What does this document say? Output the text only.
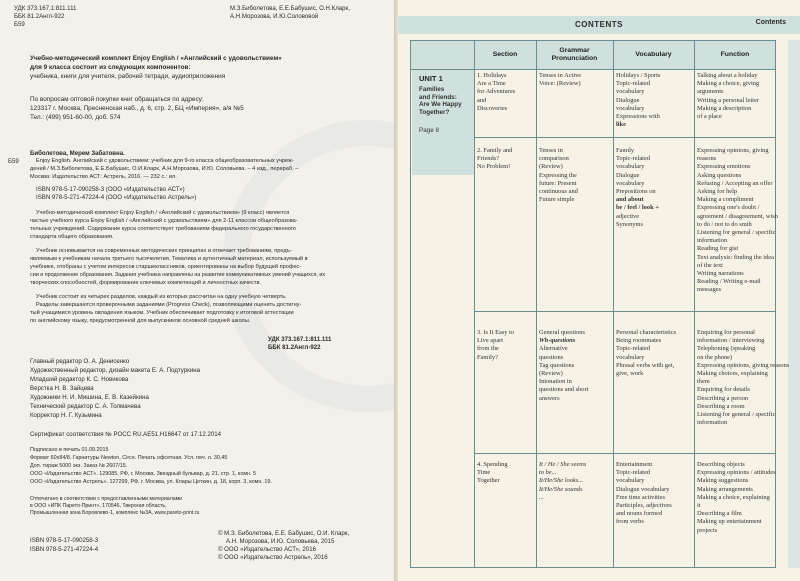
УДК 373.167.1:811.111
ББК 81.2Англ-922
Б59
М.З.Биболетова, Е.Е.Бабушис, О.Н.Кларк,
А.Н.Морозова, И.Ю.Солововой
Учебно-методический комплект Enjoy English / «Английский с удовольствием»
для 9 класса состоит из следующих компонентов:
учебника, книги для учителя, рабочей тетради, аудиоприложения
По вопросам оптовой покупки книг обращаться по адресу:
123317 г. Москва, Пресненская наб., д. 6, стр. 2, БЦ «Империя», а/я №5
Тел.: (499) 951-60-00, доб. 574
Б59
Биболетова, Мерем Забатовна.
Enjoy English. Английский с удовольствием: учебник для 9-го класса общеобразовательных учреж-
дений / М.З.Биболетова, Е.Е.Бабушис, О.И.Кларк, А.Н.Морозова, И.Ю. Соловьева. – 4 изд., перераб. –
Москва: Издательство АСТ: Астрель, 2016. — 232 с.: ил.
ISBN 978-5-17-090258-3 (ООО «Издательство АСТ»)
ISBN 978-5-271-47224-4 (ООО «Издательство Астрель»)
Учебно-методический комплект Enjoy English / «Английский с удовольствием» (9 класс) является
частью учебного курса Enjoy English / «Английский с удовольствием» для 2-11 классов общеобразова-
тельных учреждений. Содержание курса соответствует требованиям федерального государственного
стандарта общего образования.
Учебник основывается на современных методических принципах и отвечает требованиям, предъ-
являемым к учебникам начала третьего тысячелетия. Тематика и аутентичный материал, используемый в
учебнике, отобраны с учетом интересов старшеклассников, ориентированы на выбор будущей профес-
сии и продолжение образования. Задания учебника направлены на развитие коммуникативных умений учащихся, их
творческих способностей, формирование ключевых компетенций и личностных качеств.
Учебник состоит из четырех разделов, каждый из которых рассчитан на одну учебную четверть.
Разделы завершаются проверочными заданиями (Progress Check), позволяющими оценить достигну-
тый учащимися уровень овладения языком. Учебник обеспечивает подготовку к итоговой аттестации
по английскому языку, предусмотренной для выпускников основной средней школы.
УДК 373.167.1:811.111
ББК 81.2Англ-922
Главный редактор О. А. Денисенко
Художественный редактор, дизайн макета Е. А. Подтуркина
Младший редактор К. С. Новикова
Верстка Н. В. Зайцева
Художники Н. И. Мишина, Е. В. Казейкина
Технический редактор С. А. Толмачева
Корректор Н. Г. Кузьмина
Сертификат соответствия № РОСС RU.AE51.H16647 от 17.12.2014
Подписано в печать 01.09.2015
Формат 60x84/8. Гарнитуры Newton, Circe. Печать офсетная. Усл. печ. л. 30,45
Доп. тираж 5000 экз. Заказ № 2607/15.
ООО «Издательство АСТ». 129085, РФ, г. Москва, Звездный бульвар, д. 21, стр. 1, комн. 5
ООО «Издательство Астрель». 127299, РФ, г. Москва, ул. Клары Цеткин, д. 18, корп. 3, комн. 19.
Отпечатано в соответствии с предоставленными материалами
в ООО «ИПК Парето-Принт», 170546, Тверская область,
Промышленная зона Боровлево-1, комплекс №3А, www.pareto-print.ru
ISBN 978-5-17-090258-3
ISBN 978-5-271-47224-4
© М.З. Биболетова, Е.Е. Бабушис, О.И. Кларк,
А.Н. Морозова, И.Ю. Соловьева, 2015
© ООО «Издательство АСТ», 2016
© ООО «Издательство Астрель», 2016
CONTENTS	Contents
Section
Grammar
Pronunciation
Vocabulary	Function
UNIT 1
Families
and Friends:
Are We Happy
Together?
Page 8
1. Holidays
Are a Time
for Adventures
and
Discoveries
Tenses in Active
Voice: (Review)
Holidays / Sports
Topic-related
vocabulary
Dialogue
vocabulary
Expressions with
like
Talking about a holiday
Making a choice, giving
arguments
Writing a personal letter
Making a description
of a place
2. Family and
Friends?
No Problem!
Tenses in
comparison
(Review)
Expressing the
future: Present
continuous and
Future simple
Family
Topic-related
vocabulary
Dialogue
vocabulary
Prepositions on
and about
be / feel / look +
adjective
Synonyms
Expressing opinions, giving
reasons
Expressing emotions
Asking questions
Refusing / Accepting an offer
Asking for help
Making a compliment
Expressing one's doubt /
agreement / disagreement, wish
to do / not to do smth
Listening for general / specific
information
Reading for gist
Text analysis: finding the idea
of the text
Writing narrations
Reading / Writing e-mail
messages
3. Is It Easy to
Live apart
from the
Family?
General questions
Wh-questions
Alternative
questions
Tag questions
(Review)
Intonation in
questions and short
answers
Personal characteristics
Being roommates
Topic-related
vocabulary
Phrasal verbs with get,
give, work
Enquiring for personal
information / interviewing
Telephoning (speaking
on the phone)
Expressing opinions, giving reasons
Making choices, explaining
them
Enquiring for details
Describing a person
Describing a room
Listening for general / specific
information
4. Spending
Time
Together
It / He / She seems
to be...
It/He/She looks...
It/He/She sounds
...
Entertainment
Topic-related
vocabulary
Dialogue vocabulary
Free time activities
Participles, adjectives
and nouns formed
from verbs
Describing objects
Expressing opinions / attitudes
Making suggestions
Making arrangements
Making a choice, explaining
it
Describing a film
Making up entertainment
projects
